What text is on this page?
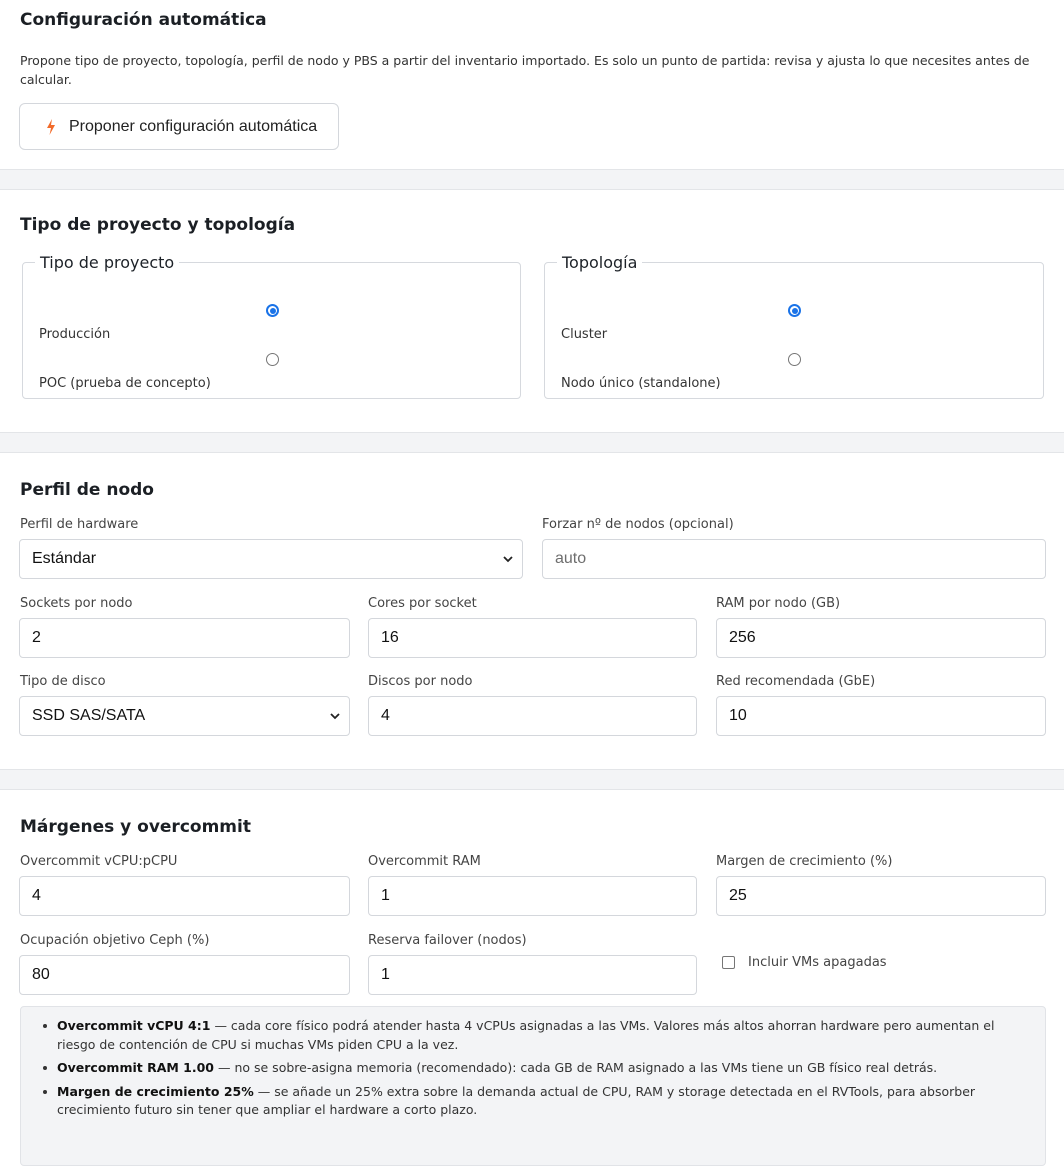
Configuración automática

Propone tipo de proyecto, topología, perfil de nodo y PBS a partir del inventario importado. Es solo un punto de partida: revisa y ajusta lo que necesites antes de calcular.

Proponer configuración automática
Tipo de proyecto y topología
Tipo de proyecto
Producción
POC (prueba de concepto)
Topología
Cluster
Nodo único (standalone)
Perfil de nodo
Perfil de hardware
Estándar
Forzar nº de nodos (opcional)
auto
Sockets por nodo
2
Cores por socket
16
RAM por nodo (GB)
256
Tipo de disco
SSD SAS/SATA
Discos por nodo
4
Red recomendada (GbE)
10
Márgenes y overcommit
Overcommit vCPU:pCPU
4
Overcommit RAM
1
Margen de crecimiento (%)
25
Ocupación objetivo Ceph (%)
80
Reserva failover (nodos)
1
Incluir VMs apagadas
Overcommit vCPU 4:1 — cada core físico podrá atender hasta 4 vCPUs asignadas a las VMs. Valores más altos ahorran hardware pero aumentan el riesgo de contención de CPU si muchas VMs piden CPU a la vez.
Overcommit RAM 1.00 — no se sobre-asigna memoria (recomendado): cada GB de RAM asignado a las VMs tiene un GB físico real detrás.
Margen de crecimiento 25% — se añade un 25% extra sobre la demanda actual de CPU, RAM y storage detectada en el RVTools, para absorber crecimiento futuro sin tener que ampliar el hardware a corto plazo.
